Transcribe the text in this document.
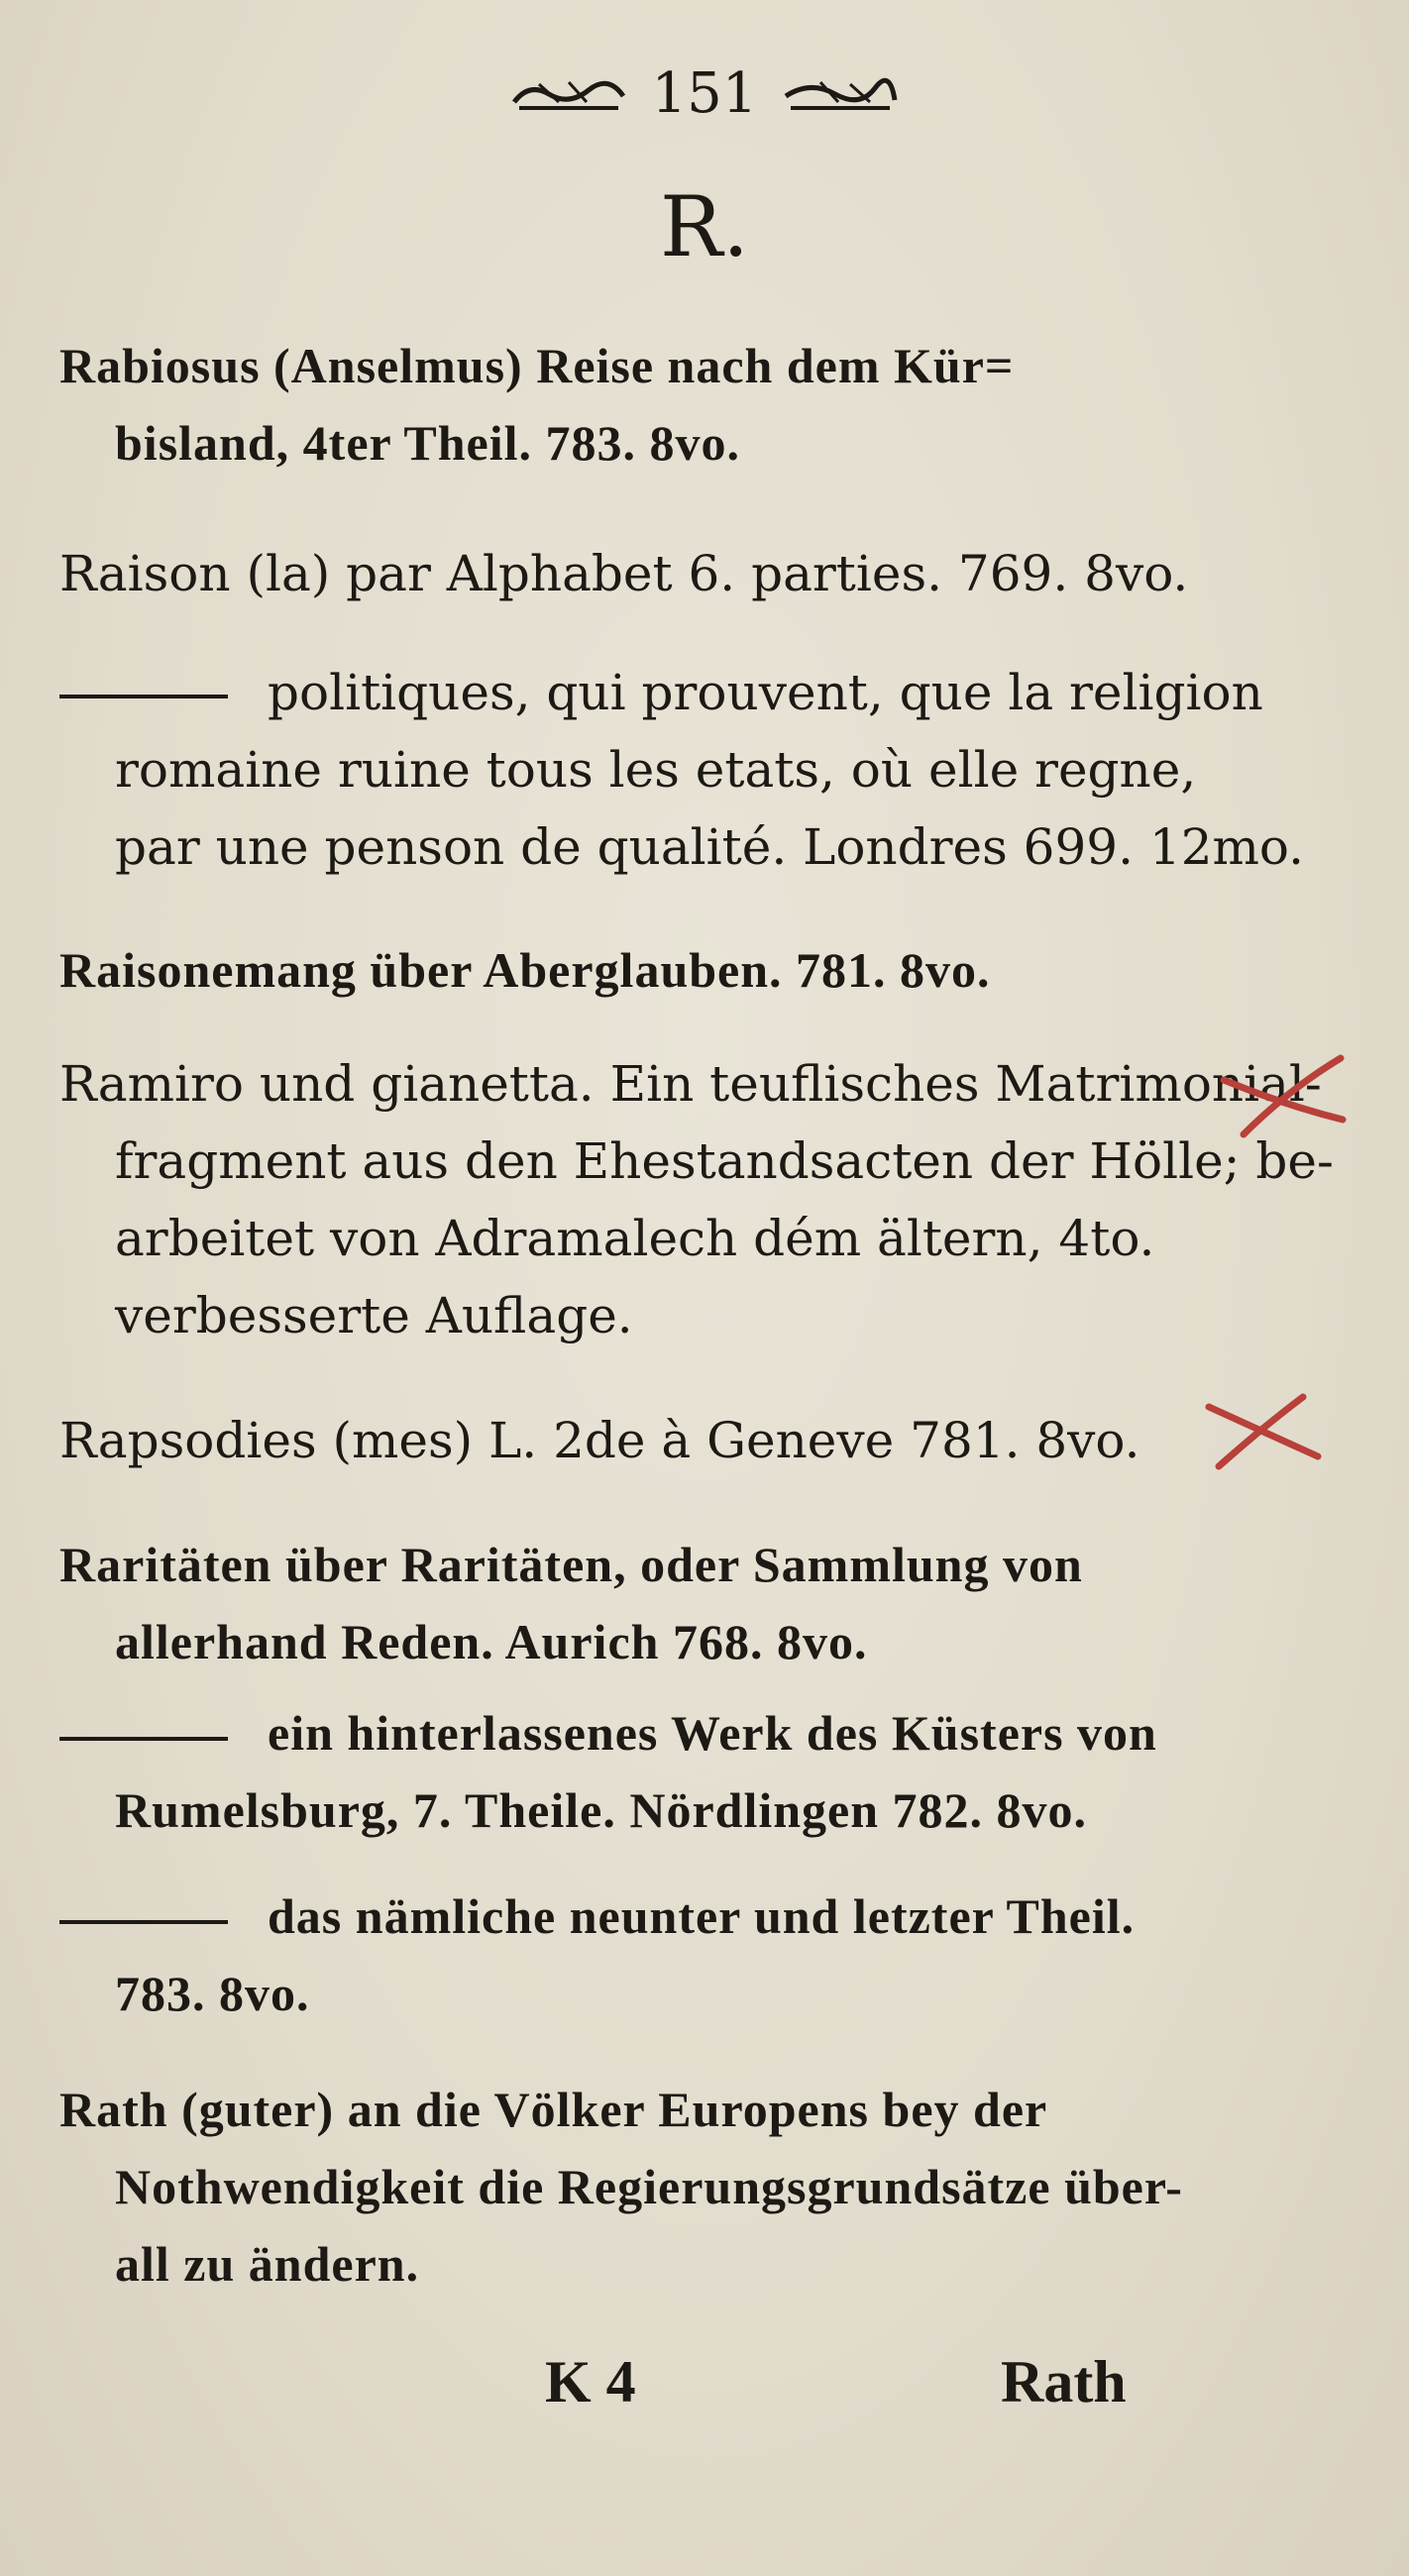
151
R.
Rabiosus (Anselmus) Reise nach dem Kür=
bisland, 4ter Theil. 783. 8vo.
Raison (la) par Alphabet 6. parties. 769. 8vo.
politiques, qui prouvent, que la religion
romaine ruine tous les etats, où elle regne,
par une penson de qualité. Londres 699. 12mo.
Raisonemang über Aberglauben. 781. 8vo.
Ramiro und gianetta. Ein teuflisches Matrimonial-
fragment aus den Ehestandsacten der Hölle; be-
arbeitet von Adramalech dém ältern, 4to.
verbesserte Auflage.
Rapsodies (mes) L. 2de à Geneve 781. 8vo.
Raritäten über Raritäten, oder Sammlung von
allerhand Reden. Aurich 768. 8vo.
ein hinterlassenes Werk des Küsters von
Rumelsburg, 7. Theile. Nördlingen 782. 8vo.
das nämliche neunter und letzter Theil.
783. 8vo.
Rath (guter) an die Völker Europens bey der
Nothwendigkeit die Regierungsgrundsätze über-
all zu ändern.
K 4	Rath
